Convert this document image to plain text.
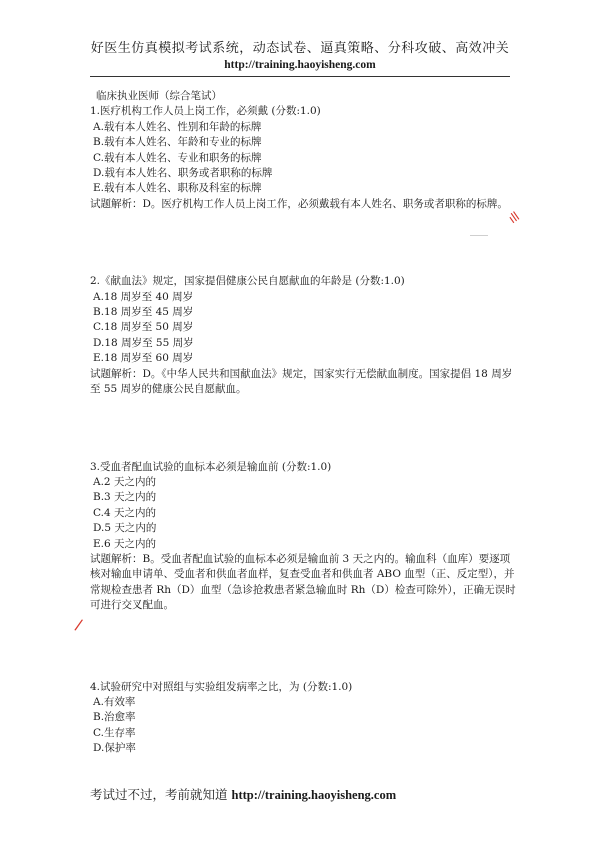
好医生仿真模拟考试系统，动态试卷、逼真策略、分科攻破、高效冲关
http://training.haoyisheng.com
临床执业医师（综合笔试）
1.医疗机构工作人员上岗工作，必须戴 (分数:1.0)
A.载有本人姓名、性别和年龄的标牌
B.载有本人姓名、年龄和专业的标牌
C.载有本人姓名、专业和职务的标牌
D.载有本人姓名、职务或者职称的标牌
E.载有本人姓名、职称及科室的标牌
试题解析：D。医疗机构工作人员上岗工作，必须戴载有本人姓名、职务或者职称的标牌。
2.《献血法》规定，国家提倡健康公民自愿献血的年龄是 (分数:1.0)
A.18 周岁至 40 周岁
B.18 周岁至 45 周岁
C.18 周岁至 50 周岁
D.18 周岁至 55 周岁
E.18 周岁至 60 周岁
试题解析：D。《中华人民共和国献血法》规定，国家实行无偿献血制度。国家提倡 18 周岁至 55 周岁的健康公民自愿献血。
3.受血者配血试验的血标本必须是输血前 (分数:1.0)
A.2 天之内的
B.3 天之内的
C.4 天之内的
D.5 天之内的
E.6 天之内的
试题解析：B。受血者配血试验的血标本必须是输血前 3 天之内的。输血科（血库）要逐项核对输血申请单、受血者和供血者血样，复查受血者和供血者 ABO 血型（正、反定型），并常规检查患者 Rh（D）血型（急诊抢救患者紧急输血时 Rh（D）检查可除外），正确无误时可进行交叉配血。
4.试验研究中对照组与实验组发病率之比，为 (分数:1.0)
A.有效率
B.治愈率
C.生存率
D.保护率
ıll
/
考试过不过，考前就知道 http://training.haoyisheng.com
